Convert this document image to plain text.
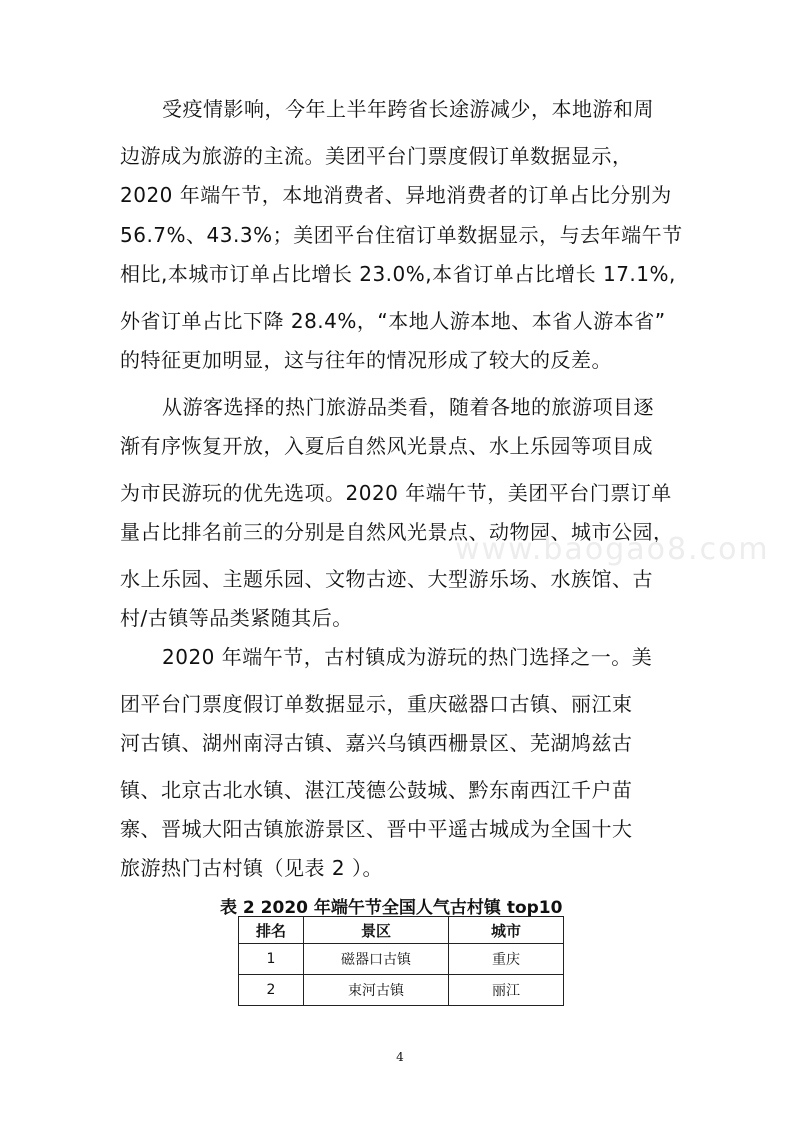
受疫情影响，今年上半年跨省长途游减少，本地游和周
边游成为旅游的主流。美团平台门票度假订单数据显示，
2020 年端午节，本地消费者、异地消费者的订单占比分别为
56.7%、43.3%；美团平台住宿订单数据显示，与去年端午节
相比,本城市订单占比增长 23.0%,本省订单占比增长 17.1%,
外省订单占比下降 28.4%，“本地人游本地、本省人游本省”
的特征更加明显，这与往年的情况形成了较大的反差。
从游客选择的热门旅游品类看，随着各地的旅游项目逐
渐有序恢复开放，入夏后自然风光景点、水上乐园等项目成
为市民游玩的优先选项。2020 年端午节，美团平台门票订单
量占比排名前三的分别是自然风光景点、动物园、城市公园，
水上乐园、主题乐园、文物古迹、大型游乐场、水族馆、古
村/古镇等品类紧随其后。
2020 年端午节，古村镇成为游玩的热门选择之一。美
团平台门票度假订单数据显示，重庆磁器口古镇、丽江束
河古镇、湖州南浔古镇、嘉兴乌镇西栅景区、芜湖鸠兹古
镇、北京古北水镇、湛江茂德公鼓城、黔东南西江千户苗
寨、晋城大阳古镇旅游景区、晋中平遥古城成为全国十大
旅游热门古村镇（见表 2 ）。
www.baogao8.com
表 2 2020 年端午节全国人气古村镇 top10
排名	景区	城市
1	磁器口古镇	重庆
2	束河古镇	丽江
4
